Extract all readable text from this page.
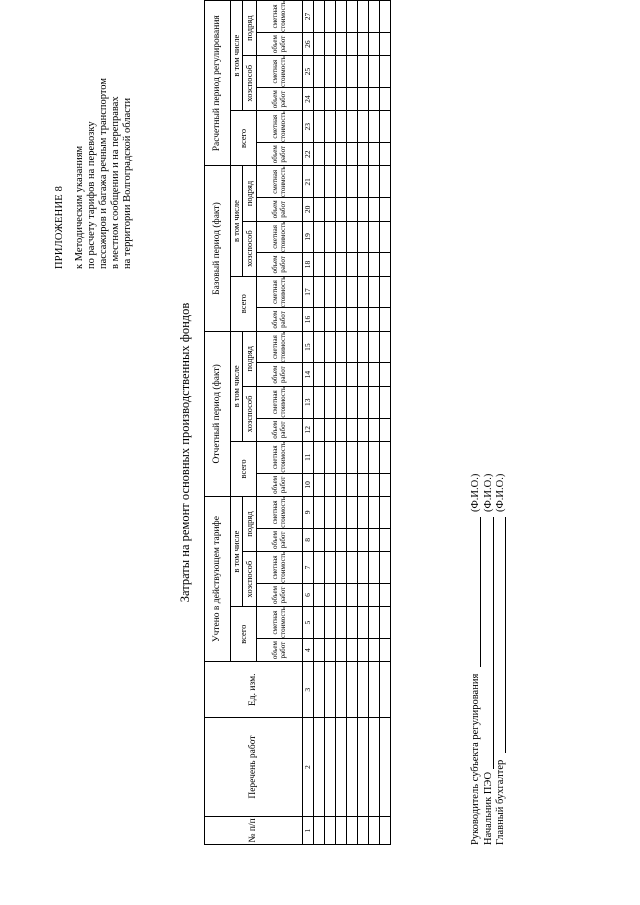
ПРИЛОЖЕНИЕ 8 к Методическим указаниям по расчету тарифов на перевозку пассажиров и багажа речным транспортом в местном сообщении и на переправах на территории Волгоградской области
Затраты на ремонт основных производственных фондов
№ п/п	Перечень работ	Ед. изм.	Учтено в действующем тарифе						Отчетный период (факт)						Базовый период (факт)						Расчетный период регулирования					
			всего		в том числе				всего		в том числе				всего		в том числе				всего		в том числе			
					хозспособ		подряд				хозспособ		подряд				хозспособ		подряд				хозспособ		подряд	
			объем работ	сметная стоимость	объем работ	сметная стоимость	объем работ	сметная стоимость	объем работ	сметная стоимость	объем работ	сметная стоимость	объем работ	сметная стоимость	объем работ	сметная стоимость	объем работ	сметная стоимость	объем работ	сметная стоимость	объем работ	сметная стоимость	объем работ	сметная стоимость	объем работ	сметная стоимость
1	2	3	4	5	6	7	8	9	10	11	12	13	14	15	16	17	18	19	20	21	22	23	24	25	26	27

Руководитель субъекта регулирования
(Ф.И.О.)
Начальник ПЭО
(Ф.И.О.)
Главный бухгалтер
(Ф.И.О.)
